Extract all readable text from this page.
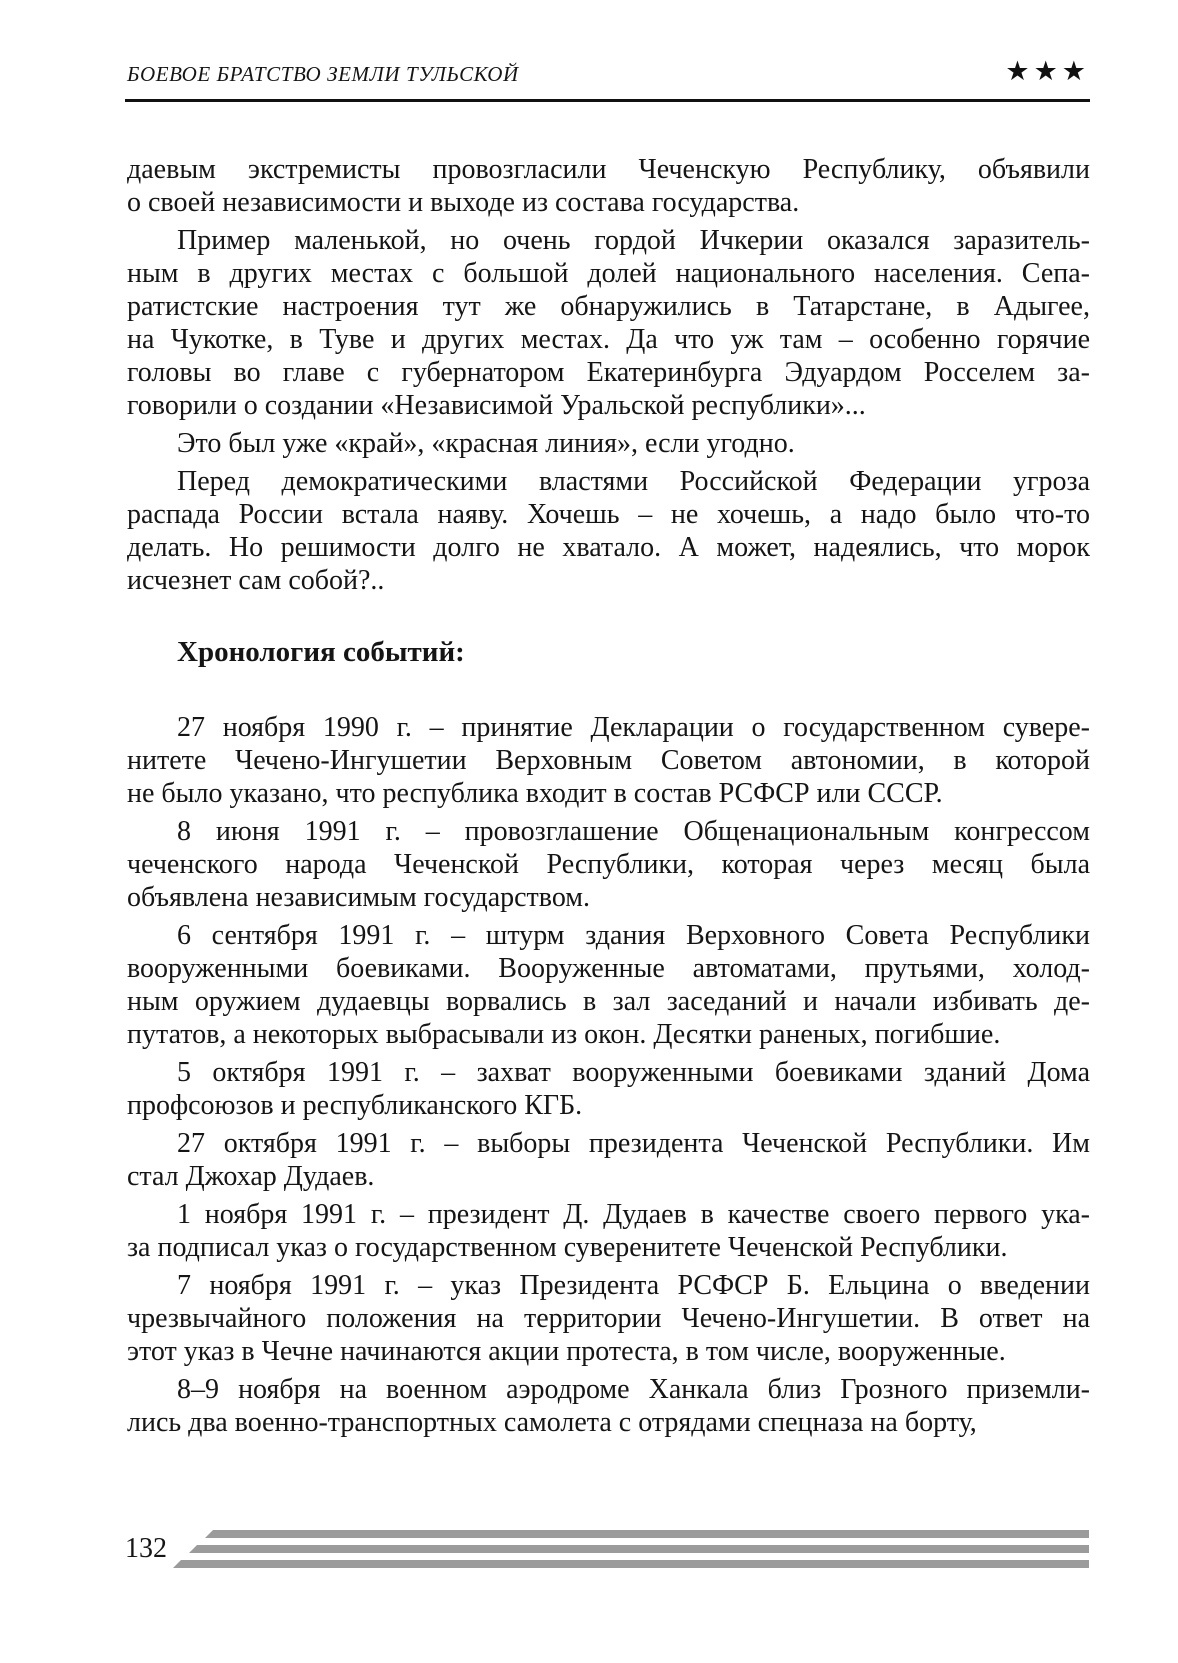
БОЕВОЕ БРАТСТВО ЗЕМЛИ ТУЛЬСКОЙ	★★★
даевым экстремисты провозгласили Чеченскую Республику, объявили
о своей независимости и выходе из состава государства.
Пример маленькой, но очень гордой Ичкерии оказался заразитель-
ным в других местах с большой долей национального населения. Сепа-
ратистские настроения тут же обнаружились в Татарстане, в Адыгее,
на Чукотке, в Туве и других местах. Да что уж там – особенно горячие
головы во главе с губернатором Екатеринбурга Эдуардом Росселем за-
говорили о создании «Независимой Уральской республики»...
Это был уже «край», «красная линия», если угодно.
Перед демократическими властями Российской Федерации угроза
распада России встала наяву. Хочешь – не хочешь, а надо было что-то
делать. Но решимости долго не хватало. А может, надеялись, что морок
исчезнет сам собой?..
Хронология событий:
27 ноября 1990 г. – принятие Декларации о государственном сувере-
нитете Чечено-Ингушетии Верховным Советом автономии, в которой
не было указано, что республика входит в состав РСФСР или СССР.
8 июня 1991 г. – провозглашение Общенациональным конгрессом
чеченского народа Чеченской Республики, которая через месяц была
объявлена независимым государством.
6 сентября 1991 г. – штурм здания Верховного Совета Республики
вооруженными боевиками. Вооруженные автоматами, прутьями, холод-
ным оружием дудаевцы ворвались в зал заседаний и начали избивать де-
путатов, а некоторых выбрасывали из окон. Десятки раненых, погибшие.
5 октября 1991 г. – захват вооруженными боевиками зданий Дома
профсоюзов и республиканского КГБ.
27 октября 1991 г. – выборы президента Чеченской Республики. Им
стал Джохар Дудаев.
1 ноября 1991 г. – президент Д. Дудаев в качестве своего первого ука-
за подписал указ о государственном суверенитете Чеченской Республики.
7 ноября 1991 г. – указ Президента РСФСР Б. Ельцина о введении
чрезвычайного положения на территории Чечено-Ингушетии. В ответ на
этот указ в Чечне начинаются акции протеста, в том числе, вооруженные.
8–9 ноября на военном аэродроме Ханкала близ Грозного приземли-
лись два военно-транспортных самолета с отрядами спецназа на борту,
132
